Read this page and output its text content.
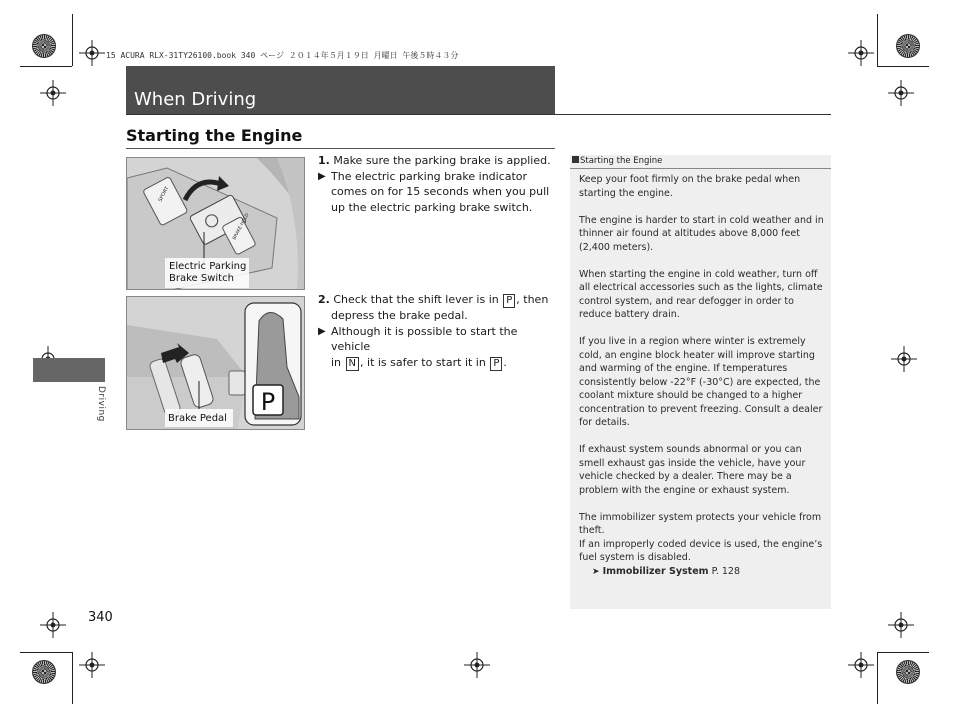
15 ACURA RLX-31TY26100.book 340 ページ ２０１４年５月１９日 月曜日 午後５時４３分
When Driving
Starting the Engine
Driving
SPORT
BRAKE HOLD
Electric Parking
Brake Switch
P
Brake Pedal
1. Make sure the parking brake is applied.
▶ The electric parking brake indicator
comes on for 15 seconds when you pull
up the electric parking brake switch.
2. Check that the shift lever is in P , then
depress the brake pedal.
▶ Although it is possible to start the vehicle
in N , it is safer to start it in P .
Starting the Engine

Keep your foot firmly on the brake pedal when starting the engine.

The engine is harder to start in cold weather and in thinner air found at altitudes above 8,000 feet (2,400 meters).

When starting the engine in cold weather, turn off all electrical accessories such as the lights, climate control system, and rear defogger in order to reduce battery drain.

If you live in a region where winter is extremely cold, an engine block heater will improve starting and warming of the engine. If temperatures consistently below -22°F (-30°C) are expected, the coolant mixture should be changed to a higher concentration to prevent freezing. Consult a dealer for details.

If exhaust system sounds abnormal or you can smell exhaust gas inside the vehicle, have your vehicle checked by a dealer. There may be a problem with the engine or exhaust system.

The immobilizer system protects your vehicle from theft.

If an improperly coded device is used, the engine’s fuel system is disabled.

➤ Immobilizer System P. 128
340
